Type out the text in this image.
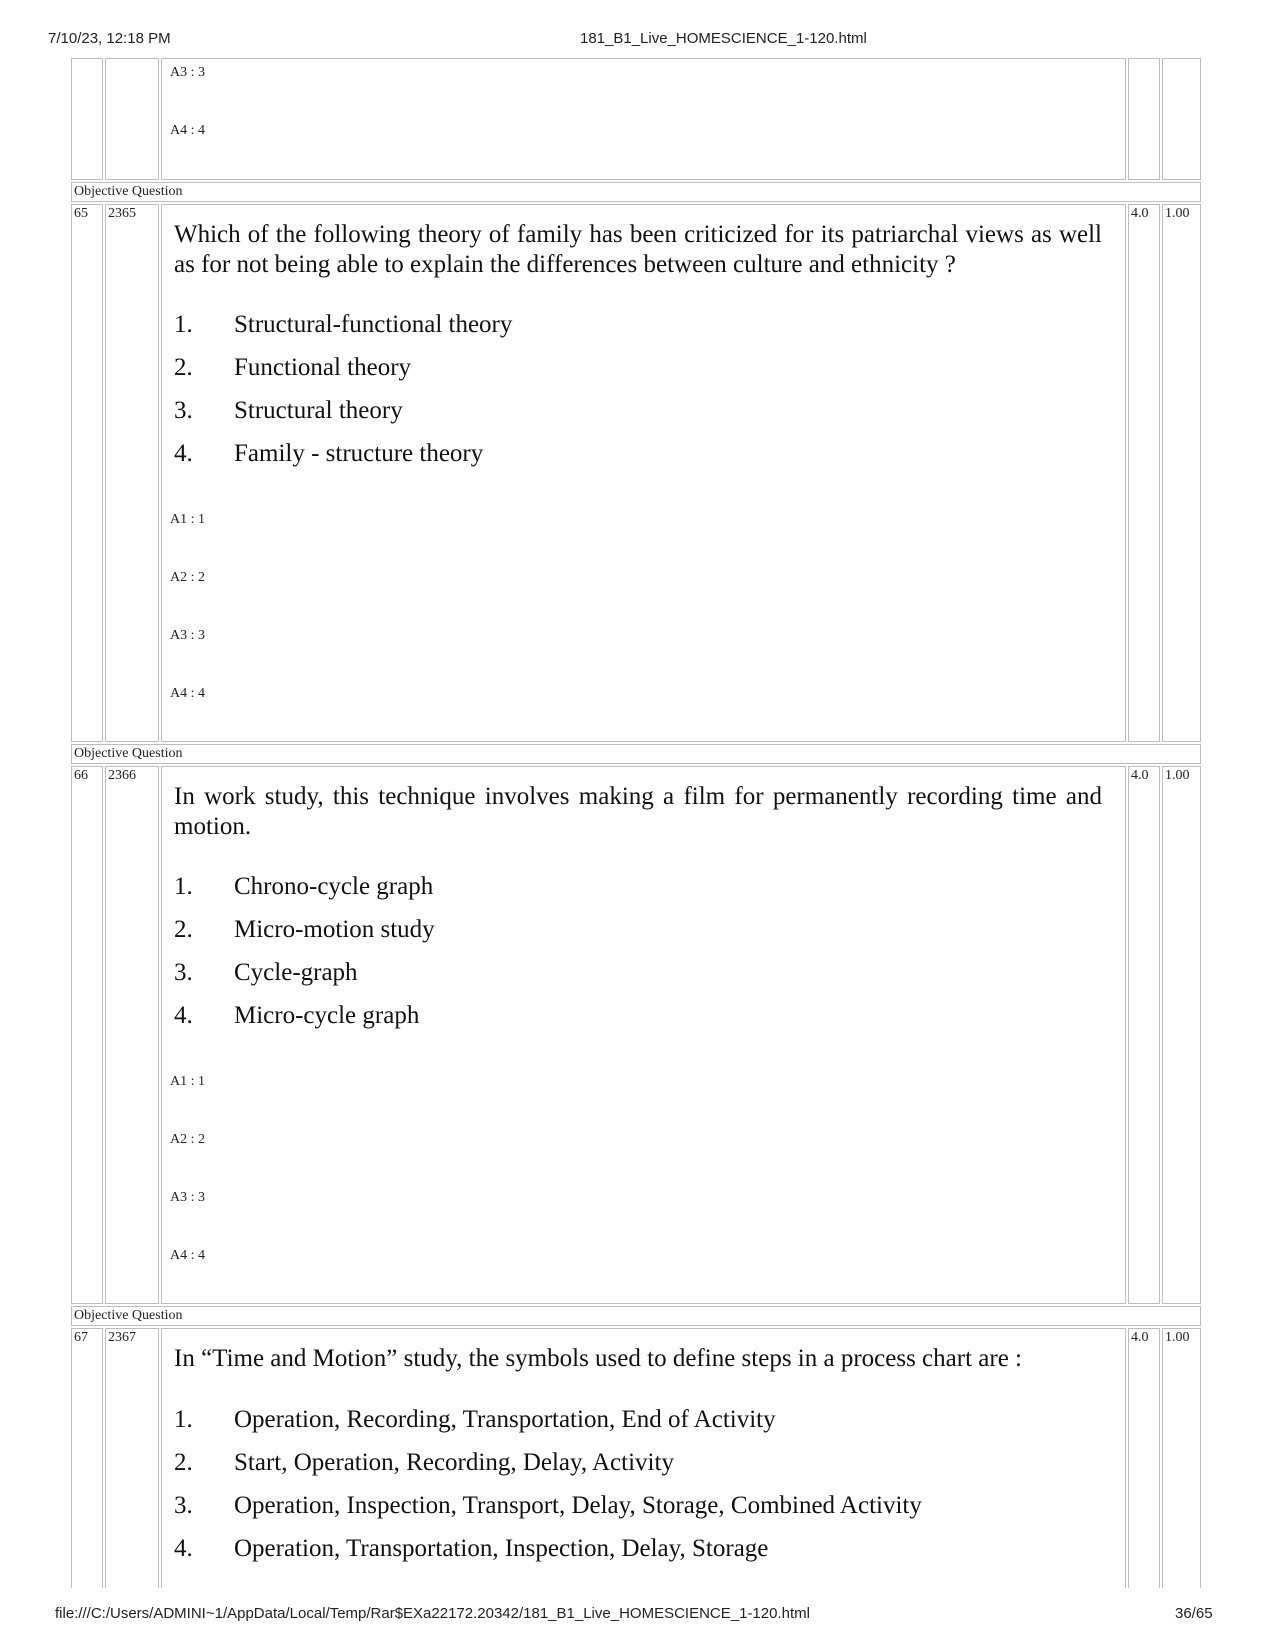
7/10/23, 12:18 PM	181_B1_Live_HOMESCIENCE_1-120.html
A3 : 3
A4 : 4
Objective Question
65 2365	4.0 1.00
Which of the following theory of family has been criticized for its patriarchal views as well as for not being able to explain the differences between culture and ethnicity ?
1. Structural-functional theory
2. Functional theory
3. Structural theory
4. Family - structure theory
A1 : 1
A2 : 2
A3 : 3
A4 : 4
Objective Question
66 2366	4.0 1.00
In work study, this technique involves making a film for permanently recording time and motion.
1. Chrono-cycle graph
2. Micro-motion study
3. Cycle-graph
4. Micro-cycle graph
A1 : 1
A2 : 2
A3 : 3
A4 : 4
Objective Question
67 2367	4.0 1.00
In “Time and Motion” study, the symbols used to define steps in a process chart are :
1. Operation, Recording, Transportation, End of Activity
2. Start, Operation, Recording, Delay, Activity
3. Operation, Inspection, Transport, Delay, Storage, Combined Activity
4. Operation, Transportation, Inspection, Delay, Storage
file:///C:/Users/ADMINI~1/AppData/Local/Temp/Rar$EXa22172.20342/181_B1_Live_HOMESCIENCE_1-120.html	36/65
